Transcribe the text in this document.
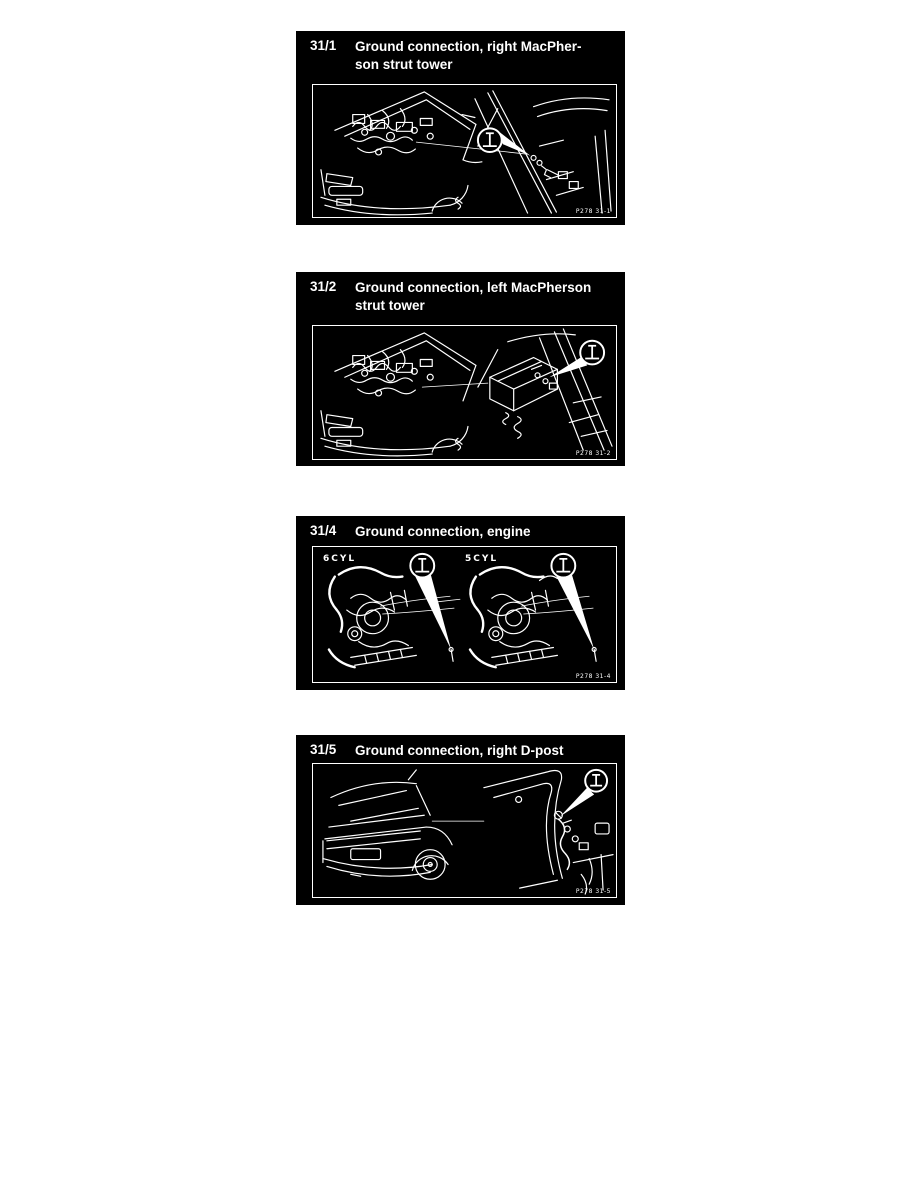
31/1 Ground connection, right MacPher-
son strut tower
P278 31-1
31/2 Ground connection, left MacPherson
strut tower
P278 31-2
31/4 Ground connection, engine
6CYL	5CYL
P278 31-4
31/5 Ground connection, right D-post
P278 31-5
